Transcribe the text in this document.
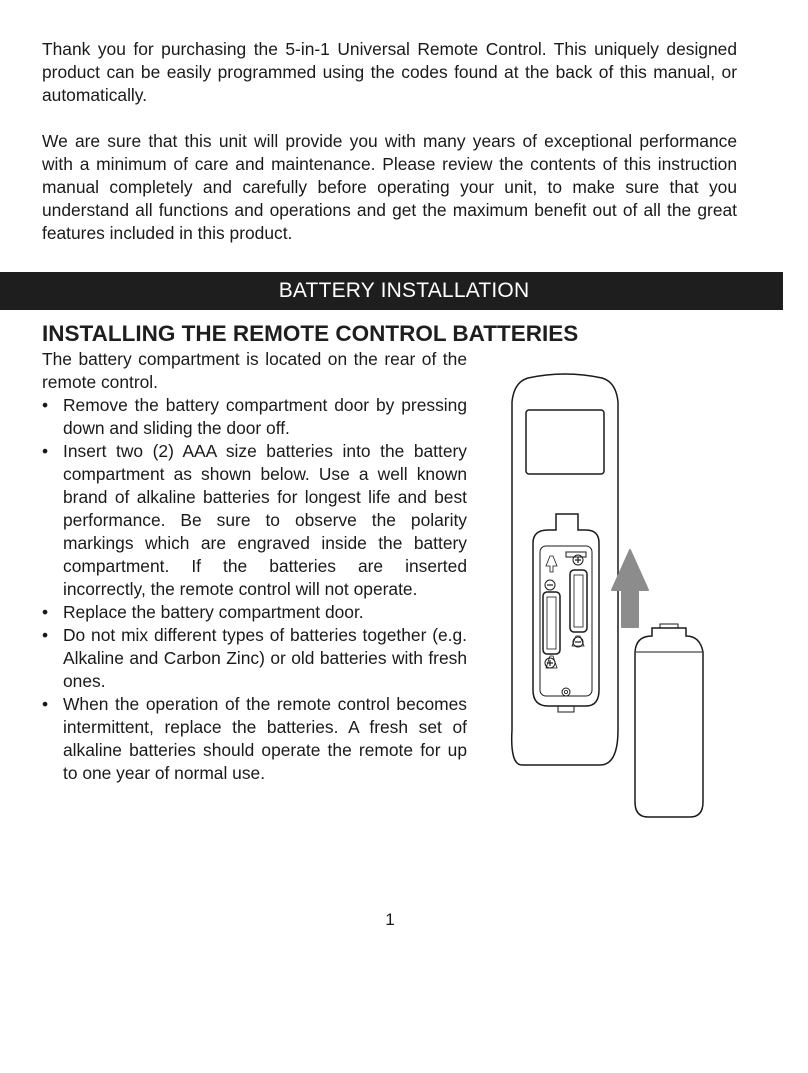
Thank you for purchasing the 5-in-1 Universal Remote Control. This uniquely designed product can be easily programmed using the codes found at the back of this manual, or automatically.

We are sure that this unit will provide you with many years of exceptional performance with a minimum of care and maintenance. Please review the contents of this instruction manual completely and carefully before operating your unit, to make sure that you understand all functions and operations and get the maximum benefit out of all the great features included in this product.

BATTERY INSTALLATION
INSTALLING THE REMOTE CONTROL BATTERIES

The battery compartment is located on the rear of the remote control.

• Remove the battery compartment door by pressing down and sliding the door off.
• Insert two (2) AAA size batteries into the battery compartment as shown below. Use a well known brand of alkaline batteries for longest life and best performance. Be sure to observe the polarity markings which are engraved inside the battery compartment. If the batteries are inserted incorrectly, the remote control will not operate.
• Replace the battery compartment door.
• Do not mix different types of batteries together (e.g. Alkaline and Carbon Zinc) or old batteries with fresh ones.
• When the operation of the remote control becomes intermittent, replace the batteries. A fresh set of alkaline batteries should operate the remote for up to one year of normal use.
1
